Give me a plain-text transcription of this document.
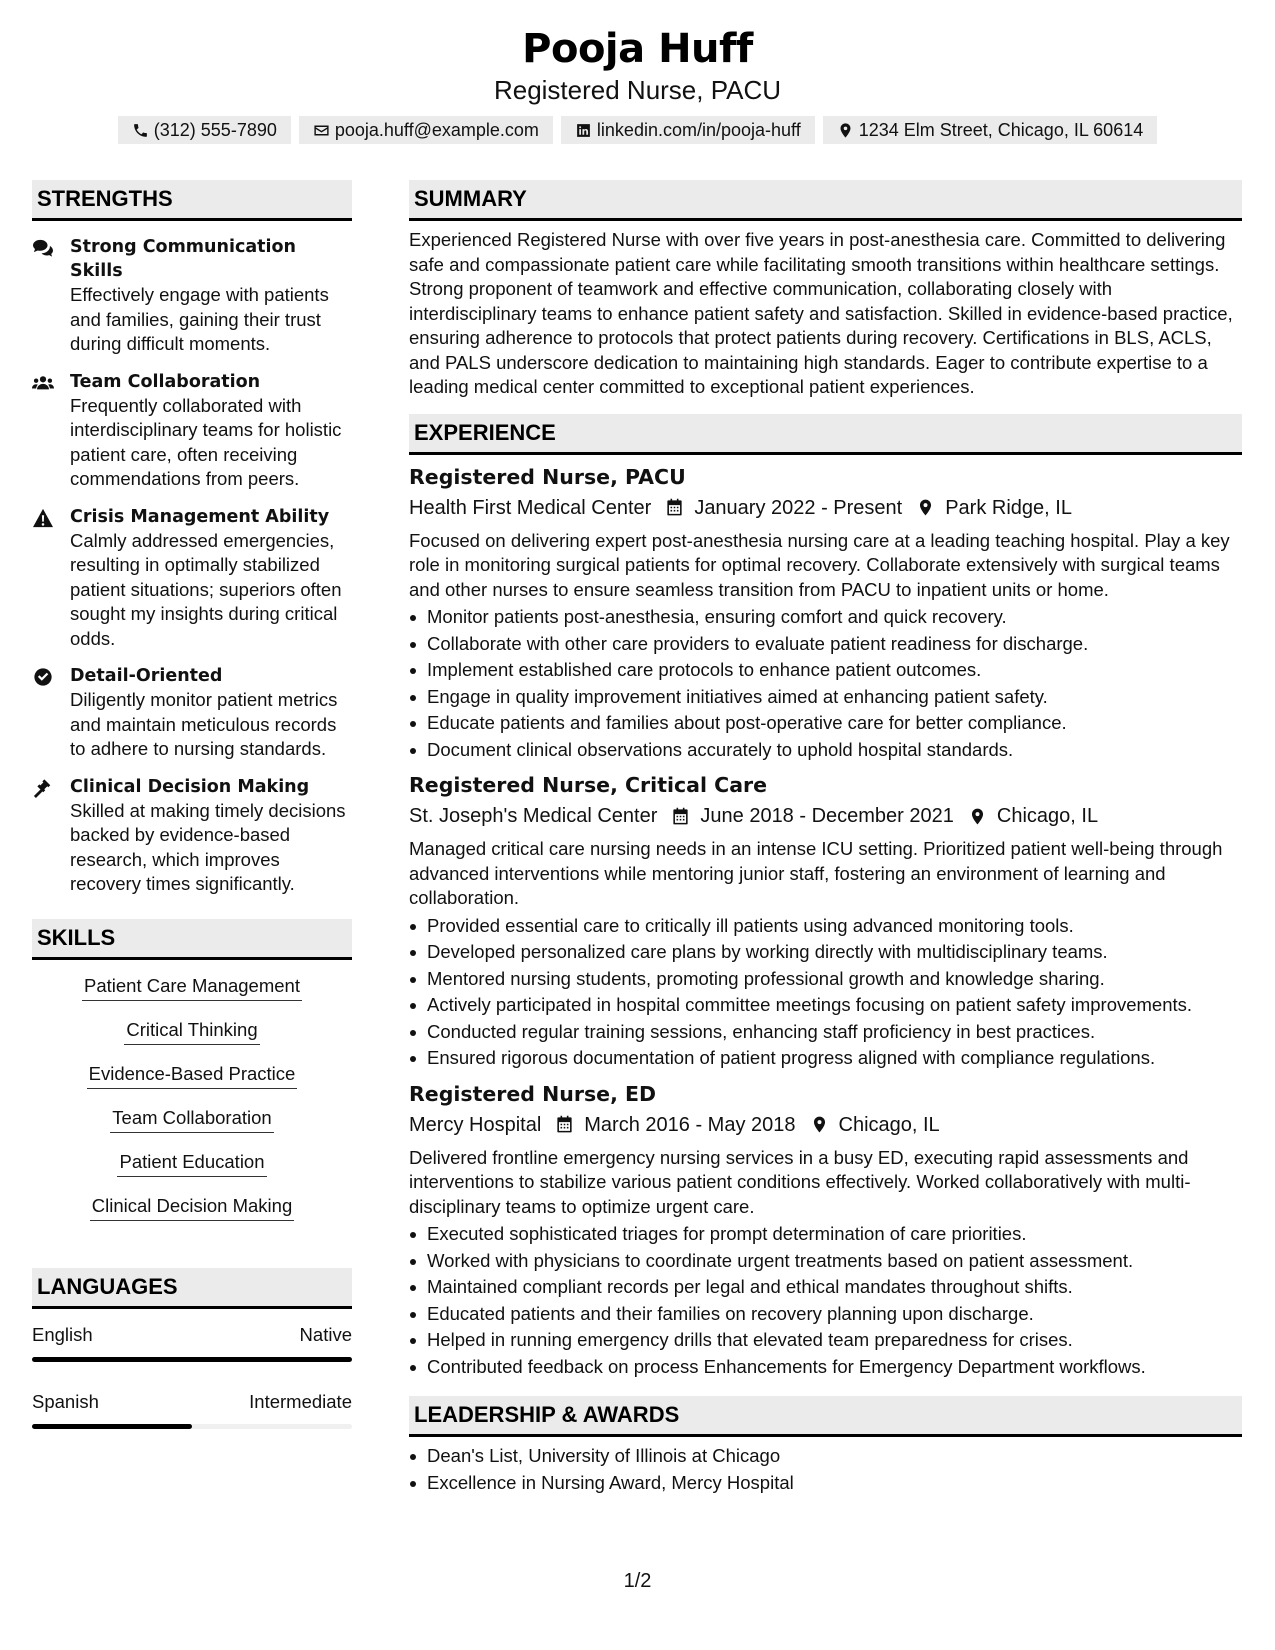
Pooja Huff
Registered Nurse, PACU
(312) 555-7890	pooja.huff@example.com	linkedin.com/in/pooja-huff	1234 Elm Street, Chicago, IL 60614
STRENGTHS
Strong Communication Skills
Effectively engage with patients and families, gaining their trust during difficult moments.
Team Collaboration
Frequently collaborated with interdisciplinary teams for holistic patient care, often receiving commendations from peers.
Crisis Management Ability
Calmly addressed emergencies, resulting in optimally stabilized patient situations; superiors often sought my insights during critical odds.
Detail-Oriented
Diligently monitor patient metrics and maintain meticulous records to adhere to nursing standards.
Clinical Decision Making
Skilled at making timely decisions backed by evidence-based research, which improves recovery times significantly.
SKILLS
Patient Care Management
Critical Thinking
Evidence-Based Practice
Team Collaboration
Patient Education
Clinical Decision Making
LANGUAGES
English	Native
Spanish	Intermediate
SUMMARY
Experienced Registered Nurse with over five years in post-anesthesia care. Committed to delivering safe and compassionate patient care while facilitating smooth transitions within healthcare settings. Strong proponent of teamwork and effective communication, collaborating closely with interdisciplinary teams to enhance patient safety and satisfaction. Skilled in evidence-based practice, ensuring adherence to protocols that protect patients during recovery. Certifications in BLS, ACLS, and PALS underscore dedication to maintaining high standards. Eager to contribute expertise to a leading medical center committed to exceptional patient experiences.
EXPERIENCE
Registered Nurse, PACU
Health First Medical Center January 2022 - Present Park Ridge, IL
Focused on delivering expert post-anesthesia nursing care at a leading teaching hospital. Play a key role in monitoring surgical patients for optimal recovery. Collaborate extensively with surgical teams and other nurses to ensure seamless transition from PACU to inpatient units or home.
Monitor patients post-anesthesia, ensuring comfort and quick recovery.
Collaborate with other care providers to evaluate patient readiness for discharge.
Implement established care protocols to enhance patient outcomes.
Engage in quality improvement initiatives aimed at enhancing patient safety.
Educate patients and families about post-operative care for better compliance.
Document clinical observations accurately to uphold hospital standards.
Registered Nurse, Critical Care
St. Joseph's Medical Center June 2018 - December 2021 Chicago, IL
Managed critical care nursing needs in an intense ICU setting. Prioritized patient well-being through advanced interventions while mentoring junior staff, fostering an environment of learning and collaboration.
Provided essential care to critically ill patients using advanced monitoring tools.
Developed personalized care plans by working directly with multidisciplinary teams.
Mentored nursing students, promoting professional growth and knowledge sharing.
Actively participated in hospital committee meetings focusing on patient safety improvements.
Conducted regular training sessions, enhancing staff proficiency in best practices.
Ensured rigorous documentation of patient progress aligned with compliance regulations.
Registered Nurse, ED
Mercy Hospital March 2016 - May 2018 Chicago, IL
Delivered frontline emergency nursing services in a busy ED, executing rapid assessments and interventions to stabilize various patient conditions effectively. Worked collaboratively with multi-disciplinary teams to optimize urgent care.
Executed sophisticated triages for prompt determination of care priorities.
Worked with physicians to coordinate urgent treatments based on patient assessment.
Maintained compliant records per legal and ethical mandates throughout shifts.
Educated patients and their families on recovery planning upon discharge.
Helped in running emergency drills that elevated team preparedness for crises.
Contributed feedback on process Enhancements for Emergency Department workflows.
LEADERSHIP & AWARDS
Dean's List, University of Illinois at Chicago
Excellence in Nursing Award, Mercy Hospital
1/2
